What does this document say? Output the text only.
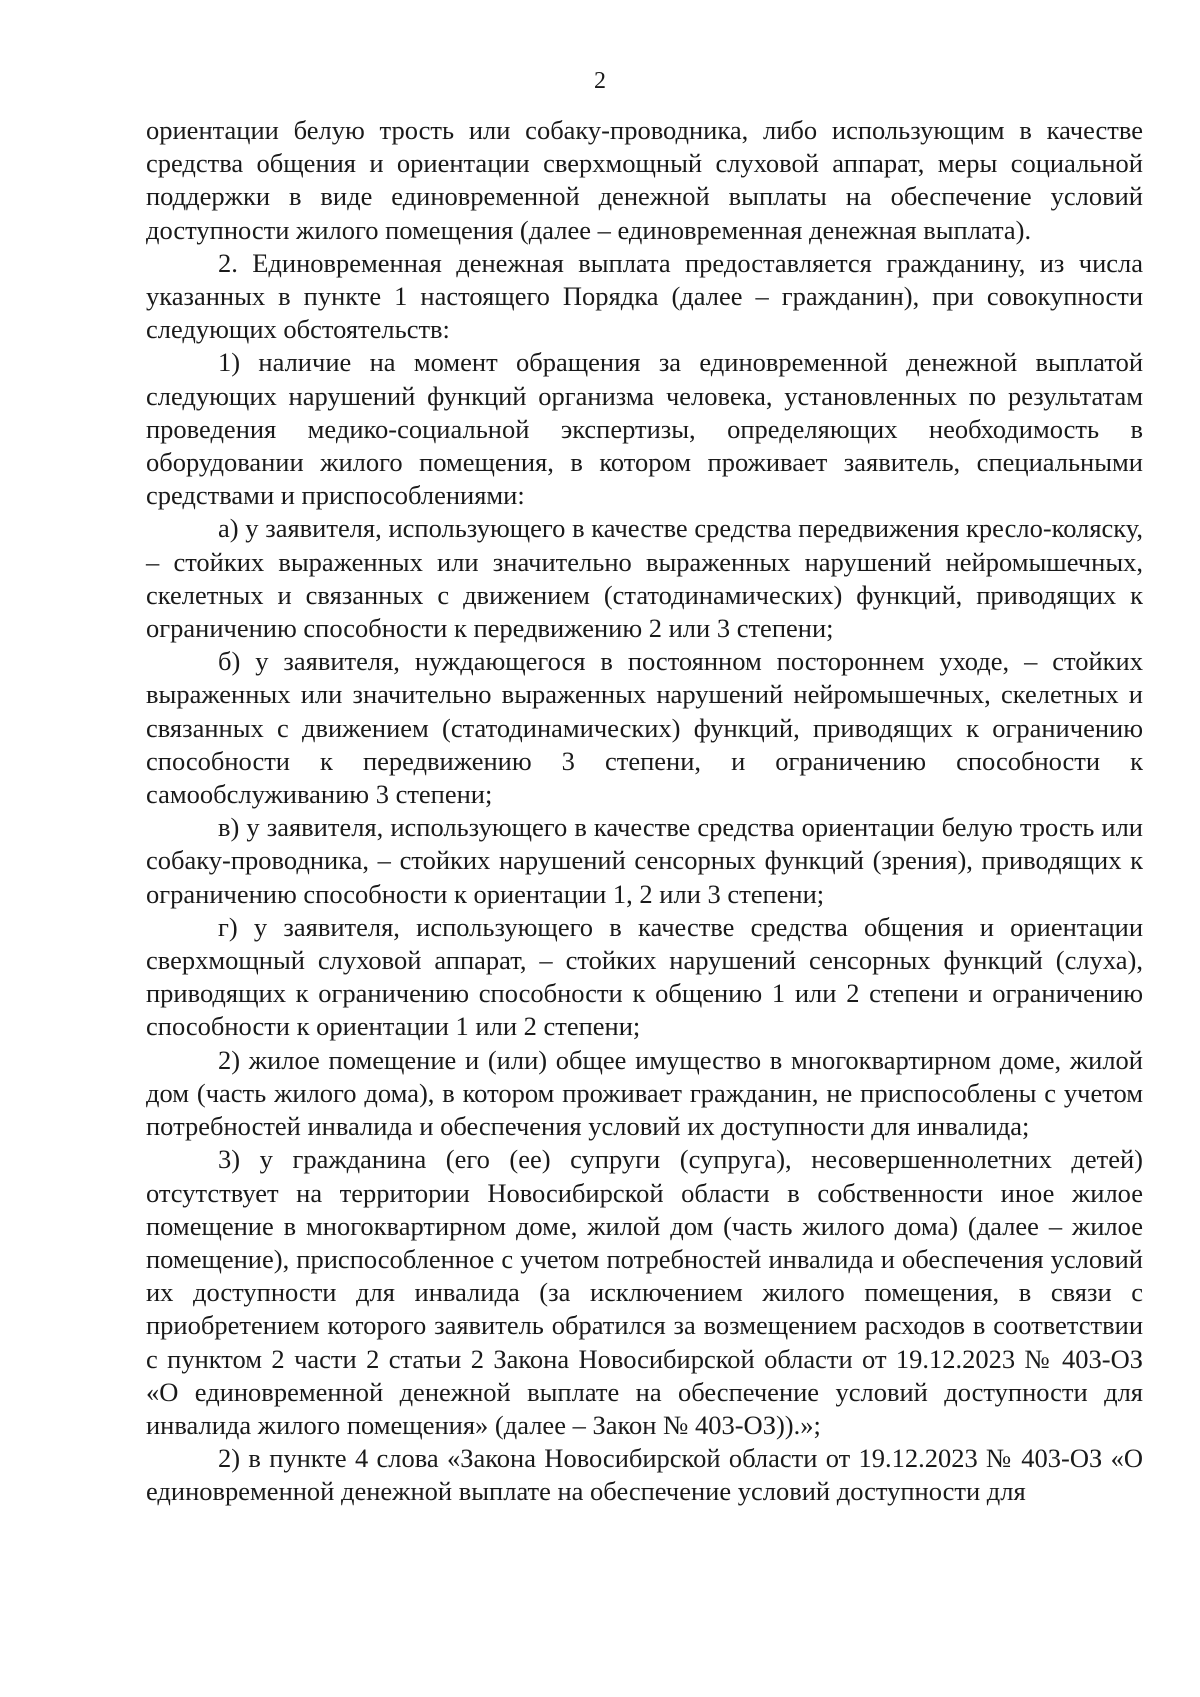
2

ориентации белую трость или собаку-проводника, либо использующим в качестве средства общения и ориентации сверхмощный слуховой аппарат, меры социальной поддержки в виде единовременной денежной выплаты на обеспечение условий доступности жилого помещения (далее – единовременная денежная выплата).

2. Единовременная денежная выплата предоставляется гражданину, из числа указанных в пункте 1 настоящего Порядка (далее – гражданин), при совокупности следующих обстоятельств:

1) наличие на момент обращения за единовременной денежной выплатой следующих нарушений функций организма человека, установленных по результатам проведения медико-социальной экспертизы, определяющих необходимость в оборудовании жилого помещения, в котором проживает заявитель, специальными средствами и приспособлениями:

а) у заявителя, использующего в качестве средства передвижения кресло-коляску, – стойких выраженных или значительно выраженных нарушений нейромышечных, скелетных и связанных с движением (статодинамических) функций, приводящих к ограничению способности к передвижению 2 или 3 степени;

б) у заявителя, нуждающегося в постоянном постороннем уходе, – стойких выраженных или значительно выраженных нарушений нейромышечных, скелетных и связанных с движением (статодинамических) функций, приводящих к ограничению способности к передвижению 3 степени, и ограничению способности к самообслуживанию 3 степени;

в) у заявителя, использующего в качестве средства ориентации белую трость или собаку-проводника, – стойких нарушений сенсорных функций (зрения), приводящих к ограничению способности к ориентации 1, 2 или 3 степени;

г) у заявителя, использующего в качестве средства общения и ориентации сверхмощный слуховой аппарат, – стойких нарушений сенсорных функций (слуха), приводящих к ограничению способности к общению 1 или 2 степени и ограничению способности к ориентации 1 или 2 степени;

2) жилое помещение и (или) общее имущество в многоквартирном доме, жилой дом (часть жилого дома), в котором проживает гражданин, не приспособлены с учетом потребностей инвалида и обеспечения условий их доступности для инвалида;

3) у гражданина (его (ее) супруги (супруга), несовершеннолетних детей) отсутствует на территории Новосибирской области в собственности иное жилое помещение в многоквартирном доме, жилой дом (часть жилого дома) (далее – жилое помещение), приспособленное с учетом потребностей инвалида и обеспечения условий их доступности для инвалида (за исключением жилого помещения, в связи с приобретением которого заявитель обратился за возмещением расходов в соответствии с пунктом 2 части 2 статьи 2 Закона Новосибирской области от 19.12.2023 № 403-ОЗ «О единовременной денежной выплате на обеспечение условий доступности для инвалида жилого помещения» (далее – Закон № 403-ОЗ)).»;

2) в пункте 4 слова «Закона Новосибирской области от 19.12.2023 № 403-ОЗ «О единовременной денежной выплате на обеспечение условий доступности для
